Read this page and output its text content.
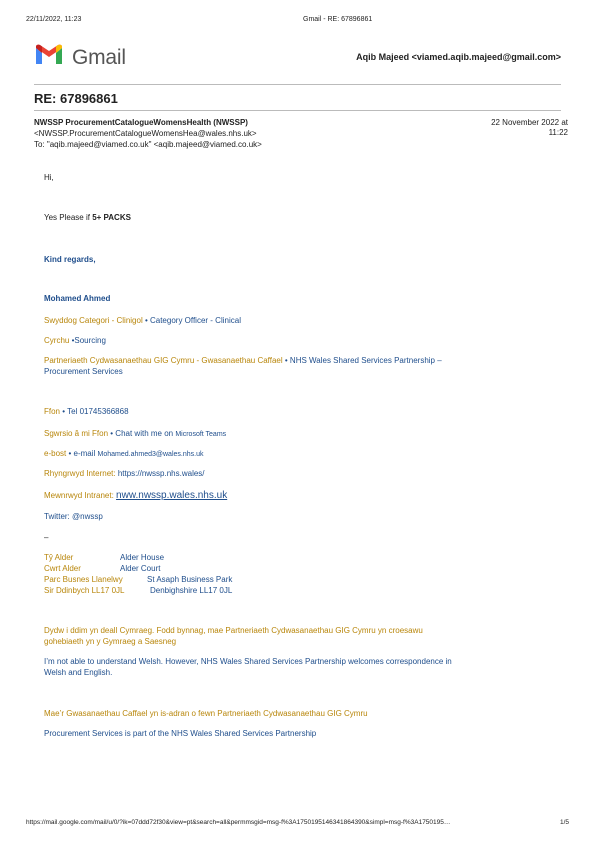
22/11/2022, 11:23	Gmail - RE: 67896861
Gmail	Aqib Majeed <viamed.aqib.majeed@gmail.com>
RE: 67896861
NWSSP ProcurementCatalogueWomensHealth (NWSSP)
<NWSSP.ProcurementCatalogueWomensHea@wales.nhs.uk>
To: "aqib.majeed@viamed.co.uk" <aqib.majeed@viamed.co.uk>
22 November 2022 at
11:22
Hi,
Yes Please if 5+ PACKS
Kind regards,
Mohamed Ahmed
Swyddog Categori - Clinigol • Category Officer - Clinical
Cyrchu •Sourcing
Partneriaeth Cydwasanaethau GIG Cymru - Gwasanaethau Caffael • NHS Wales Shared Services Partnership –
Procurement Services
Ffon • Tel 01745366868
Sgwrsio â mi Ffon • Chat with me on Microsoft Teams
e-bost • e-mail Mohamed.ahmed3@wales.nhs.uk
Rhyngrwyd Internet: https://nwssp.nhs.wales/
Mewnrwyd Intranet: nww.nwssp.wales.nhs.uk
Twitter: @nwssp
–
Tŷ Alder	Alder House
Cwrt Alder	Alder Court
Parc Busnes Llanelwy	St Asaph Business Park
Sir Ddinbych LL17 0JL	Denbighshire LL17 0JL
Dydw i ddim yn deall Cymraeg. Fodd bynnag, mae Partneriaeth Cydwasanaethau GIG Cymru yn croesawu
gohebiaeth yn y Gymraeg a Saesneg
I’m not able to understand Welsh. However, NHS Wales Shared Services Partnership welcomes correspondence in
Welsh and English.
Mae’r Gwasanaethau Caffael yn is-adran o fewn Partneriaeth Cydwasanaethau GIG Cymru
Procurement Services is part of the NHS Wales Shared Services Partnership
https://mail.google.com/mail/u/0/?ik=07ddd72f30&view=pt&search=all&permmsgid=msg-f%3A1750195146341864390&simpl=msg-f%3A1750195…	1/5
